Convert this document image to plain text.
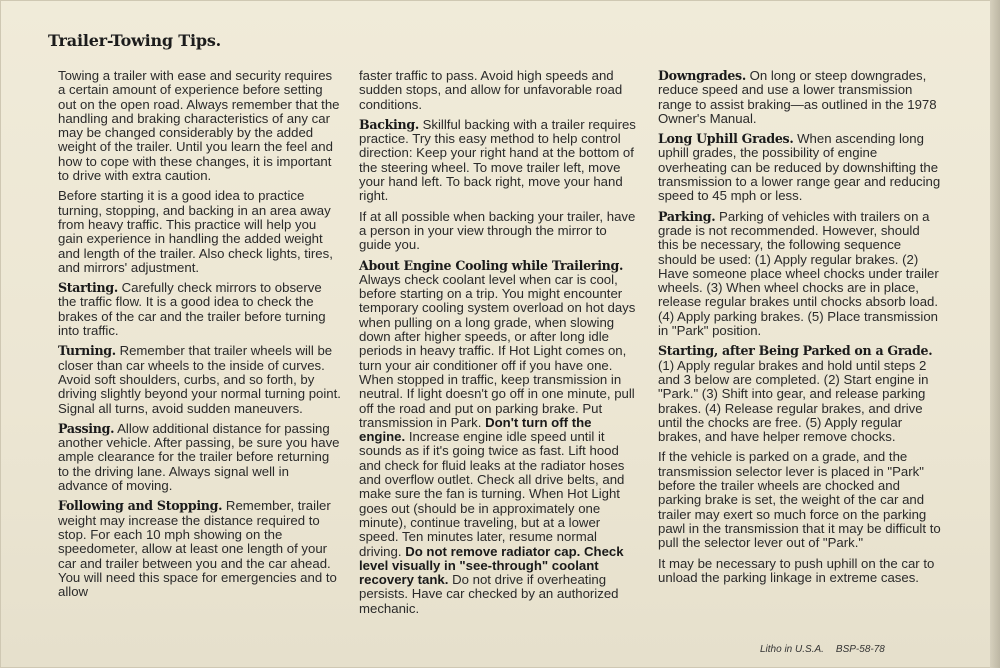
Trailer-Towing Tips.

Towing a trailer with ease and security requires a certain amount of experience before setting out on the open road. Always remember that the handling and braking characteristics of any car may be changed considerably by the added weight of the trailer. Until you learn the feel and how to cope with these changes, it is important to drive with extra caution.

Before starting it is a good idea to practice turning, stopping, and backing in an area away from heavy traffic. This practice will help you gain experience in handling the added weight and length of the trailer. Also check lights, tires, and mirrors' adjustment.

Starting. Carefully check mirrors to observe the traffic flow. It is a good idea to check the brakes of the car and the trailer before turning into traffic.

Turning. Remember that trailer wheels will be closer than car wheels to the inside of curves. Avoid soft shoulders, curbs, and so forth, by driving slightly beyond your normal turning point. Signal all turns, avoid sudden maneuvers.

Passing. Allow additional distance for passing another vehicle. After passing, be sure you have ample clearance for the trailer before returning to the driving lane. Always signal well in advance of moving.

Following and Stopping. Remember, trailer weight may increase the distance required to stop. For each 10 mph showing on the speedometer, allow at least one length of your car and trailer between you and the car ahead. You will need this space for emergencies and to allow

faster traffic to pass. Avoid high speeds and sudden stops, and allow for unfavorable road conditions.

Backing. Skillful backing with a trailer requires practice. Try this easy method to help control direction: Keep your right hand at the bottom of the steering wheel. To move trailer left, move your hand left. To back right, move your hand right.

If at all possible when backing your trailer, have a person in your view through the mirror to guide you.

About Engine Cooling while Trailering. Always check coolant level when car is cool, before starting on a trip. You might encounter temporary cooling system overload on hot days when pulling on a long grade, when slowing down after higher speeds, or after long idle periods in heavy traffic. If Hot Light comes on, turn your air conditioner off if you have one. When stopped in traffic, keep transmission in neutral. If light doesn't go off in one minute, pull off the road and put on parking brake. Put transmission in Park. Don't turn off the engine. Increase engine idle speed until it sounds as if it's going twice as fast. Lift hood and check for fluid leaks at the radiator hoses and overflow outlet. Check all drive belts, and make sure the fan is turning. When Hot Light goes out (should be in approximately one minute), continue traveling, but at a lower speed. Ten minutes later, resume normal driving. Do not remove radiator cap. Check level visually in "see-through" coolant recovery tank. Do not drive if overheating persists. Have car checked by an authorized mechanic.

Downgrades. On long or steep downgrades, reduce speed and use a lower transmission range to assist braking—as outlined in the 1978 Owner's Manual.

Long Uphill Grades. When ascending long uphill grades, the possibility of engine overheating can be reduced by downshifting the transmission to a lower range gear and reducing speed to 45 mph or less.

Parking. Parking of vehicles with trailers on a grade is not recommended. However, should this be necessary, the following sequence should be used: (1) Apply regular brakes. (2) Have someone place wheel chocks under trailer wheels. (3) When wheel chocks are in place, release regular brakes until chocks absorb load. (4) Apply parking brakes. (5) Place transmission in "Park" position.

Starting, after Being Parked on a Grade. (1) Apply regular brakes and hold until steps 2 and 3 below are completed. (2) Start engine in "Park." (3) Shift into gear, and release parking brakes. (4) Release regular brakes, and drive until the chocks are free. (5) Apply regular brakes, and have helper remove chocks.

If the vehicle is parked on a grade, and the transmission selector lever is placed in "Park" before the trailer wheels are chocked and parking brake is set, the weight of the car and trailer may exert so much force on the parking pawl in the transmission that it may be difficult to pull the selector lever out of "Park."

It may be necessary to push uphill on the car to unload the parking linkage in extreme cases.

Litho in U.S.A. BSP-58-78
